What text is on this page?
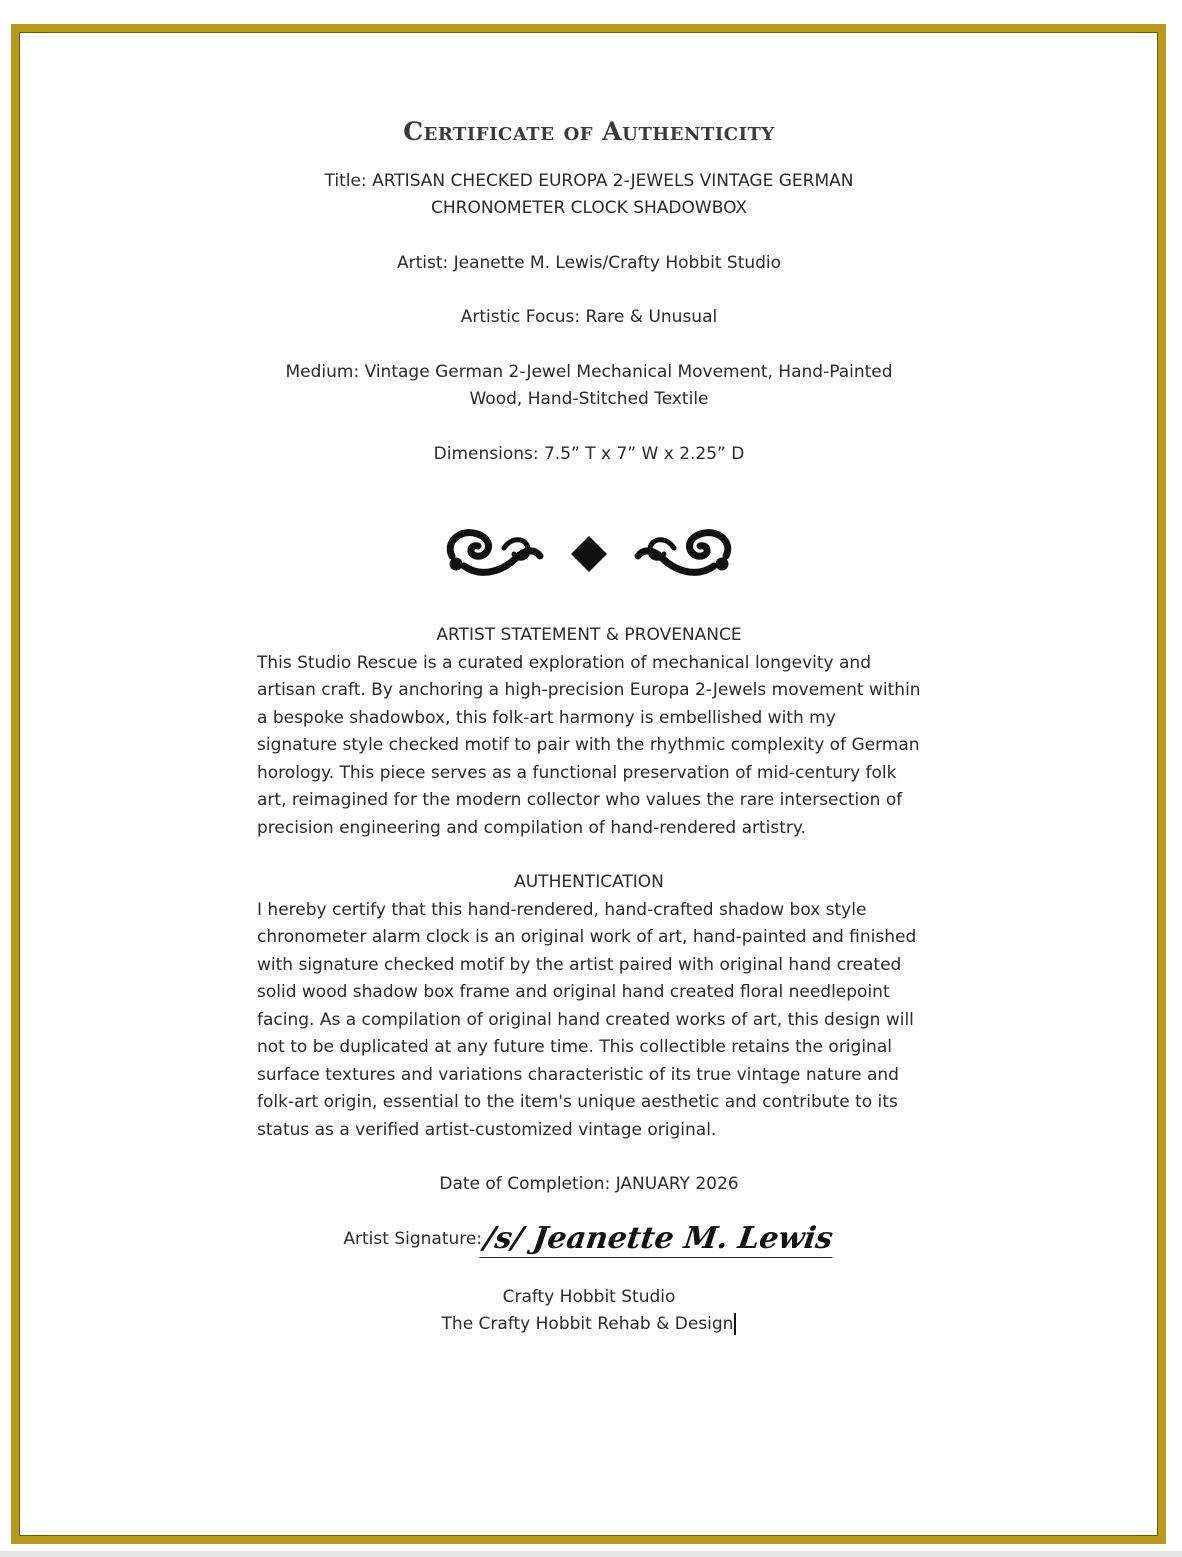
Certificate of Authenticity

Title: ARTISAN CHECKED EUROPA 2-JEWELS VINTAGE GERMAN CHRONOMETER CLOCK SHADOWBOX

Artist: Jeanette M. Lewis/Crafty Hobbit Studio

Artistic Focus: Rare & Unusual

Medium: Vintage German 2-Jewel Mechanical Movement, Hand-Painted Wood, Hand-Stitched Textile

Dimensions: 7.5” T x 7” W x 2.25” D

ARTIST STATEMENT & PROVENANCE

This Studio Rescue is a curated exploration of mechanical longevity and artisan craft. By anchoring a high-precision Europa 2-Jewels movement within a bespoke shadowbox, this folk-art harmony is embellished with my signature style checked motif to pair with the rhythmic complexity of German horology. This piece serves as a functional preservation of mid-century folk art, reimagined for the modern collector who values the rare intersection of precision engineering and compilation of hand-rendered artistry.

AUTHENTICATION

I hereby certify that this hand-rendered, hand-crafted shadow box style chronometer alarm clock is an original work of art, hand-painted and finished with signature checked motif by the artist paired with original hand created solid wood shadow box frame and original hand created floral needlepoint facing. As a compilation of original hand created works of art, this design will not to be duplicated at any future time. This collectible retains the original surface textures and variations characteristic of its true vintage nature and folk-art origin, essential to the item's unique aesthetic and contribute to its status as a verified artist-customized vintage original.

Date of Completion: JANUARY 2026

Artist Signature:/s/ Jeanette M. Lewis
Crafty Hobbit Studio
The Crafty Hobbit Rehab & Design
